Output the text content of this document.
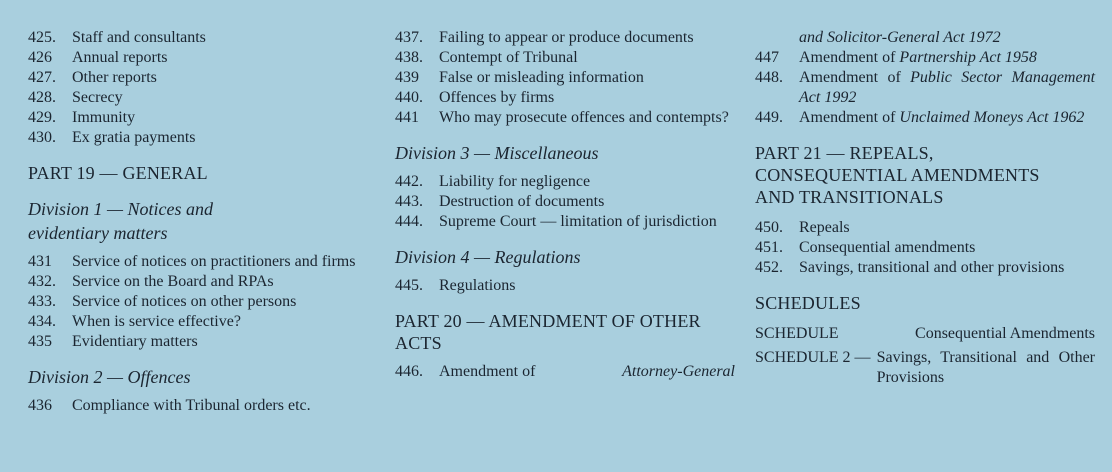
425.	Staff and consultants
426	Annual reports
427.	Other reports
428.	Secrecy
429.	Immunity
430.	Ex gratia payments
PART 19 — GENERAL
Division 1 — Notices and
evidentiary matters
431	Service of notices on practitioners and firms
432.	Service on the Board and RPAs
433.	Service of notices on other persons
434.	When is service effective?
435	Evidentiary matters
Division 2 — Offences
436	Compliance with Tribunal orders etc.
437.	Failing to appear or produce documents
438.	Contempt of Tribunal
439	False or misleading information
440.	Offences by firms
441	Who may prosecute offences and contempts?
Division 3 — Miscellaneous
442.	Liability for negligence
443.	Destruction of documents
444.	Supreme Court — limitation of jurisdiction
Division 4 — Regulations
445.	Regulations
PART 20 — AMENDMENT OF OTHER
ACTS
446.	Amendment of	Attorney-General
and Solicitor-General Act 1972
447	Amendment of Partnership Act 1958
448.	Amendment of Public Sector Management Act 1992
449.	Amendment of Unclaimed Moneys Act 1962
PART 21 — REPEALS,
CONSEQUENTIAL AMENDMENTS
AND TRANSITIONALS
450.	Repeals
451.	Consequential amendments
452.	Savings, transitional and other provisions
SCHEDULES
SCHEDULE	Consequential Amendments
SCHEDULE 2 — Savings, Transitional and Other Provisions
